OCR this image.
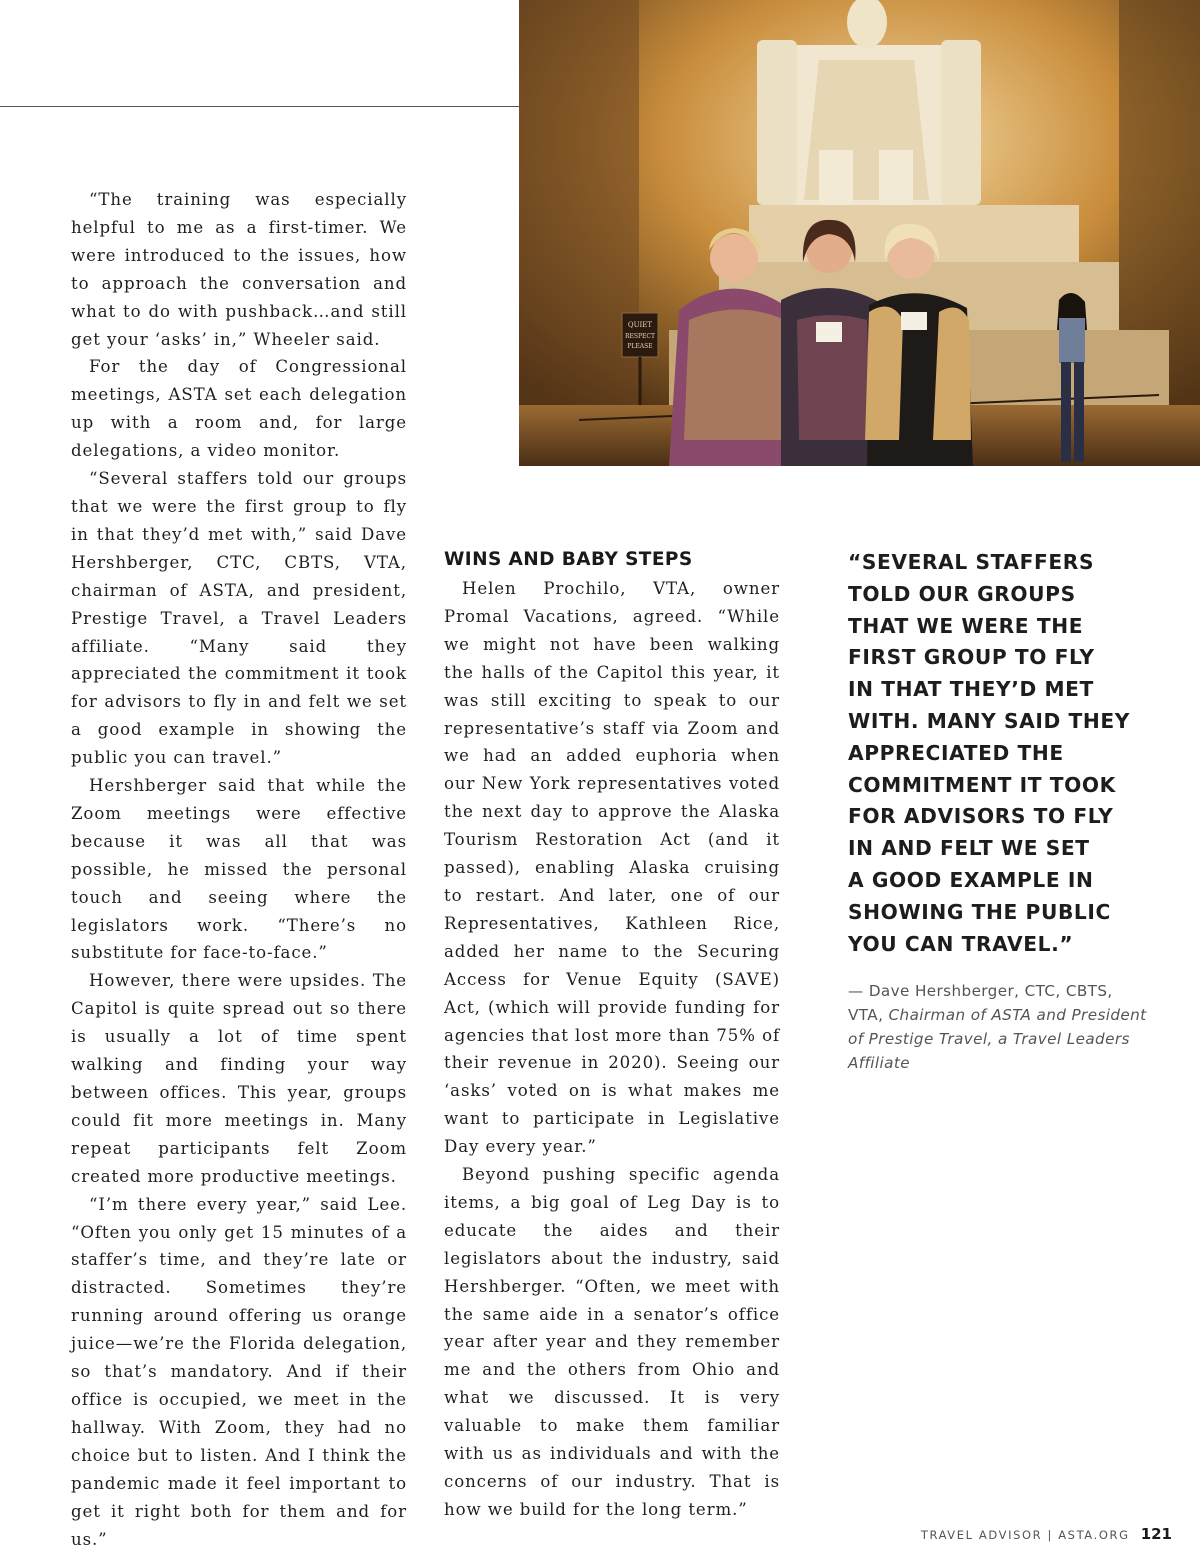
QUIET
RESPECT
PLEASE

“The training was especially helpful to me as a first-timer. We were introduced to the issues, how to approach the conversation and what to do with pushback…and still get your ‘asks’ in,” Wheeler said.

For the day of Congressional meetings, ASTA set each delegation up with a room and, for large delegations, a video monitor.

“Several staffers told our groups that we were the first group to fly in that they’d met with,” said Dave Hershberger, CTC, CBTS, VTA, chairman of ASTA, and president, Prestige Travel, a Travel Leaders affiliate. “Many said they appreciated the commitment it took for advisors to fly in and felt we set a good example in showing the public you can travel.”

Hershberger said that while the Zoom meetings were effective because it was all that was possible, he missed the personal touch and seeing where the legislators work. “There’s no substitute for face-to-face.”

However, there were upsides. The Capitol is quite spread out so there is usually a lot of time spent walking and finding your way between offices. This year, groups could fit more meetings in. Many repeat participants felt Zoom created more productive meetings.

“I’m there every year,” said Lee. “Often you only get 15 minutes of a staffer’s time, and they’re late or distracted. Sometimes they’re running around offering us orange juice—we’re the Florida delegation, so that’s mandatory. And if their office is occupied, we meet in the hallway. With Zoom, they had no choice but to listen. And I think the pandemic made it feel important to get it right both for them and for us.”

WINS AND BABY STEPS

Helen Prochilo, VTA, owner Promal Vacations, agreed. “While we might not have been walking the halls of the Capitol this year, it was still exciting to speak to our representative’s staff via Zoom and we had an added euphoria when our New York representatives voted the next day to approve the Alaska Tourism Restoration Act (and it passed), enabling Alaska cruising to restart. And later, one of our Representatives, Kathleen Rice, added her name to the Securing Access for Venue Equity (SAVE) Act, (which will provide funding for agencies that lost more than 75% of their revenue in 2020). Seeing our ‘asks’ voted on is what makes me want to participate in Legislative Day every year.”

Beyond pushing specific agenda items, a big goal of Leg Day is to educate the aides and their legislators about the industry, said Hershberger. “Often, we meet with the same aide in a senator’s office year after year and they remember me and the others from Ohio and what we discussed. It is very valuable to make them familiar with us as individuals and with the concerns of our industry. That is how we build for the long term.”

“SEVERAL STAFFERS
TOLD OUR GROUPS
THAT WE WERE THE
FIRST GROUP TO FLY
IN THAT THEY’D MET
WITH. MANY SAID THEY
APPRECIATED THE
COMMITMENT IT TOOK
FOR ADVISORS TO FLY
IN AND FELT WE SET
A GOOD EXAMPLE IN
SHOWING THE PUBLIC
YOU CAN TRAVEL.”

— Dave Hershberger, CTC, CBTS, VTA, Chairman of ASTA and President of Prestige Travel, a Travel Leaders Affiliate
TRAVEL ADVISOR | ASTA.ORG 121
